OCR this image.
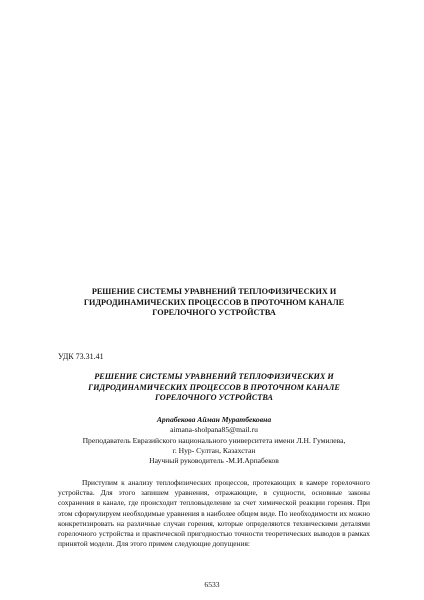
РЕШЕНИЕ СИСТЕМЫ УРАВНЕНИЙ ТЕПЛОФИЗИЧЕСКИХ И ГИДРОДИНАМИЧЕСКИХ ПРОЦЕССОВ В ПРОТОЧНОМ КАНАЛЕ ГОРЕЛОЧНОГО УСТРОЙСТВА
УДК 73.31.41
РЕШЕНИЕ СИСТЕМЫ УРАВНЕНИЙ ТЕПЛОФИЗИЧЕСКИХ И ГИДРОДИНАМИЧЕСКИХ ПРОЦЕССОВ В ПРОТОЧНОМ КАНАЛЕ ГОРЕЛОЧНОГО УСТРОЙСТВА
Арпабекова Айман Муратбековна
aimana-sholpana85@mail.ru
Преподаватель Евразийского национального университета имени Л.Н. Гумилева,
г. Нур- Султан, Казахстан
Научный руководитель -М.И.Арпабеков

Приступим к анализу теплофизических процессов, протекающих в камере горелочного устройства. Для этого запишем уравнения, отражающие, в сущности, основные законы сохранения в канале, где происходит тепловыделение за счет химической реакции горения. При этом сформулируем необходимые уравнения в наиболее общем виде. По необходимости их можно конкретизировать на различные случаи горения, которые определяются техническими деталями горелочного устройства и практической пригодностью точности теоретических выводов в рамках принятой модели. Для этого примем следующие допущения:

6533
